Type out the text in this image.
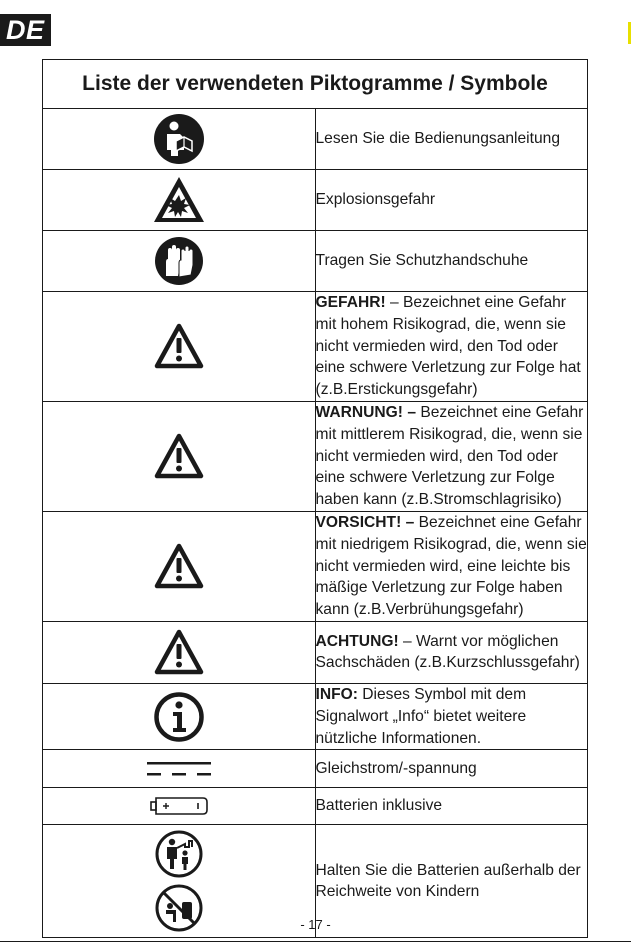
DE
Liste der verwendeten Piktogramme / Symbole	

	Lesen Sie die Bedienungsanleitung

	Explosionsgefahr

	Tragen Sie Schutzhandschuhe

	GEFAHR! – Bezeichnet eine Gefahr mit hohem Risikograd, die, wenn sie nicht vermieden wird, den Tod oder eine schwere Verletzung zur Folge hat (z.B.Erstickungsgefahr)

	WARNUNG! – Bezeichnet eine Gefahr mit mittlerem Risikograd, die, wenn sie nicht vermieden wird, den Tod oder eine schwere Verletzung zur Folge haben kann (z.B.Stromschlagrisiko)

	VORSICHT! – Bezeichnet eine Gefahr mit niedrigem Risikograd, die, wenn sie nicht vermieden wird, eine leichte bis mäßige Verletzung zur Folge haben kann (z.B.Verbrühungsgefahr)

	ACHTUNG! – Warnt vor möglichen Sachschäden (z.B.Kurzschlussgefahr)

	INFO: Dieses Symbol mit dem Signalwort „Info“ bietet weitere nützliche Informationen.

	Gleichstrom/-spannung

	Batterien inklusive

	Halten Sie die Batterien außerhalb der Reichweite von Kindern
- 17 -
